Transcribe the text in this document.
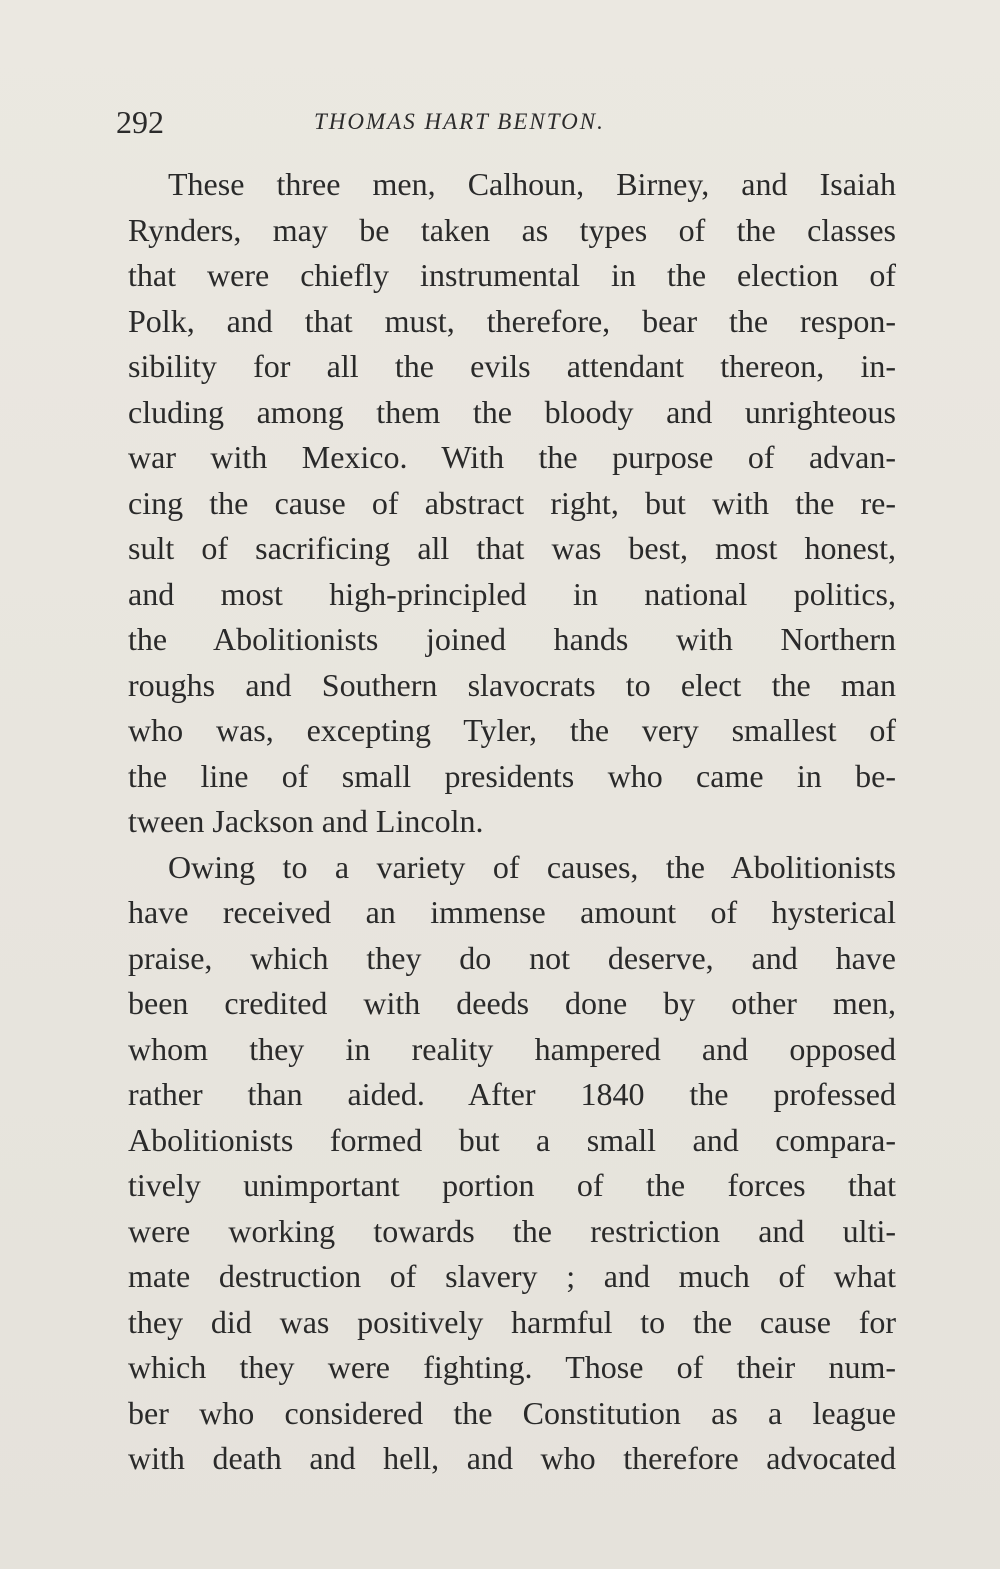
292	THOMAS HART BENTON.
These three men, Calhoun, Birney, and Isaiah
Rynders, may be taken as types of the classes
that were chiefly instrumental in the election of
Polk, and that must, therefore, bear the respon-
sibility for all the evils attendant thereon, in-
cluding among them the bloody and unrighteous
war with Mexico. With the purpose of advan-
cing the cause of abstract right, but with the re-
sult of sacrificing all that was best, most honest,
and most high-principled in national politics,
the Abolitionists joined hands with Northern
roughs and Southern slavocrats to elect the man
who was, excepting Tyler, the very smallest of
the line of small presidents who came in be-
tween Jackson and Lincoln.
Owing to a variety of causes, the Abolitionists
have received an immense amount of hysterical
praise, which they do not deserve, and have
been credited with deeds done by other men,
whom they in reality hampered and opposed
rather than aided. After 1840 the professed
Abolitionists formed but a small and compara-
tively unimportant portion of the forces that
were working towards the restriction and ulti-
mate destruction of slavery ; and much of what
they did was positively harmful to the cause for
which they were fighting. Those of their num-
ber who considered the Constitution as a league
with death and hell, and who therefore advocated
